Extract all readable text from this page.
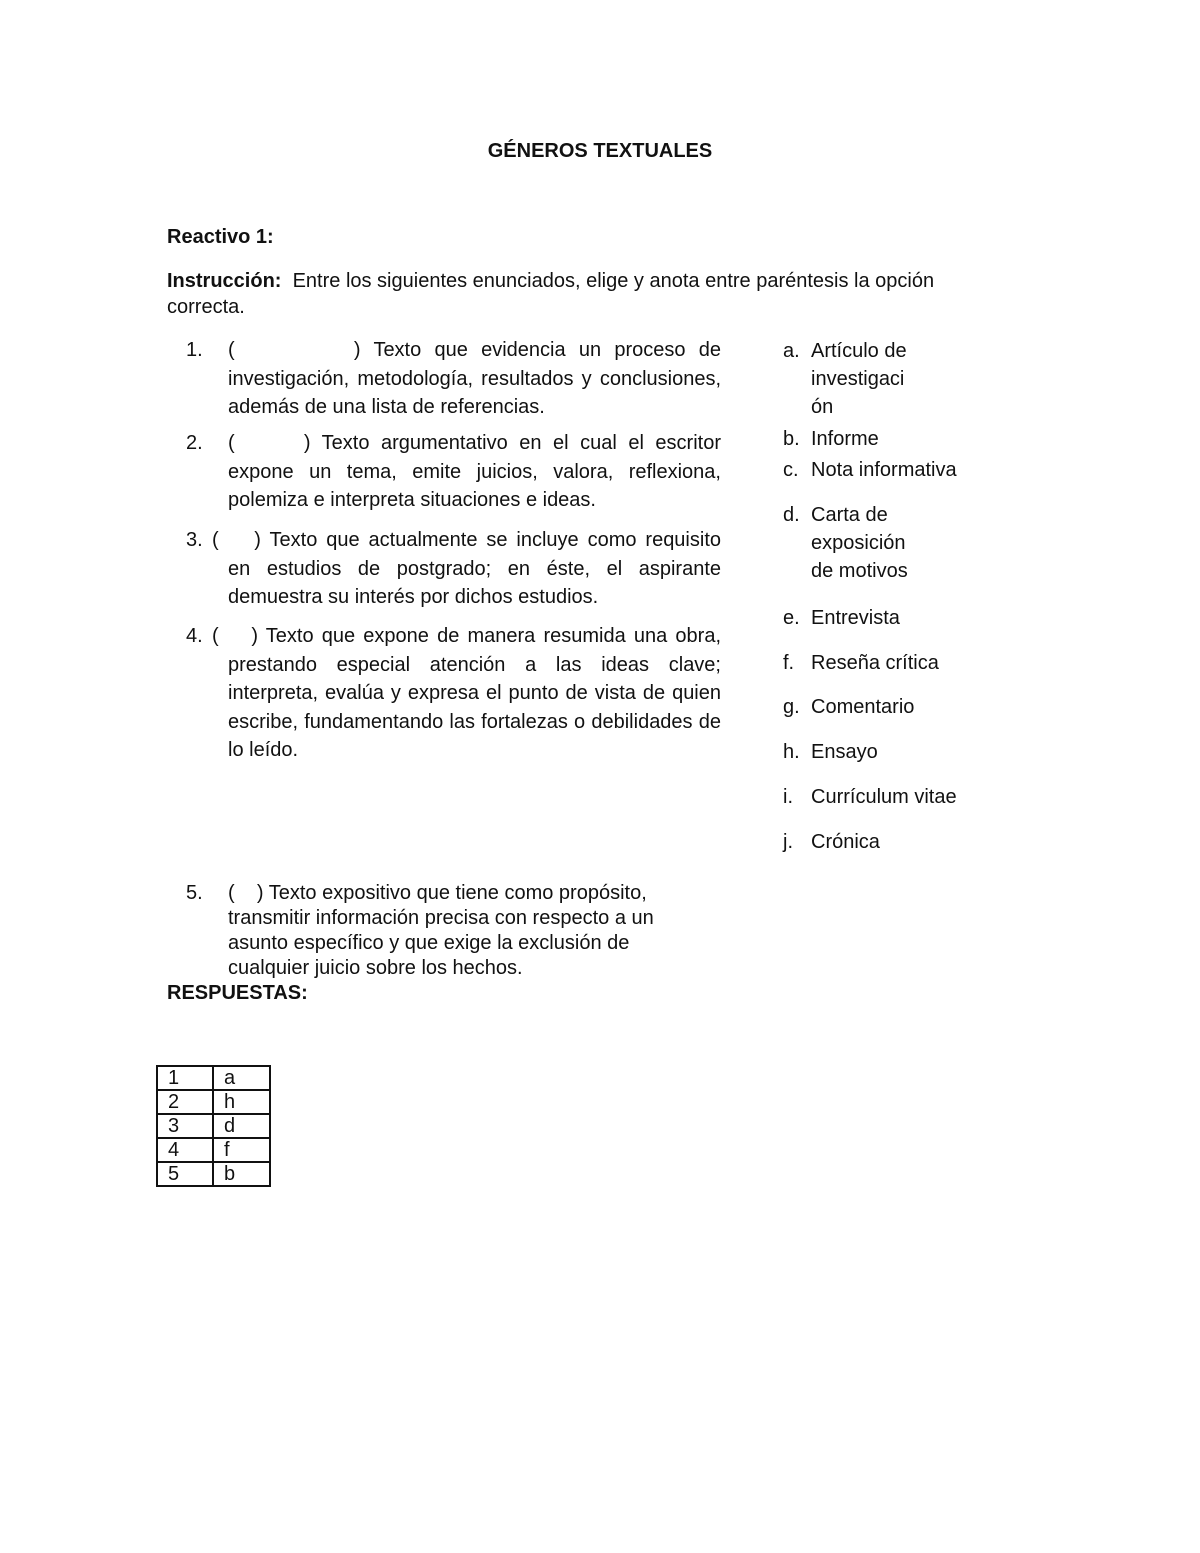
GÉNEROS TEXTUALES
Reactivo 1:
Instrucción: Entre los siguientes enunciados, elige y anota entre paréntesis la opción correcta.
1. (         ) Texto que evidencia un proceso de
investigación, metodología, resultados y conclusiones, además de una lista de referencias.
2. (      ) Texto argumentativo en el cual el escritor
expone un tema, emite juicios, valora, reflexiona, polemiza e interpreta situaciones e ideas.
3. (    ) Texto que actualmente se incluye como requisito
en estudios de postgrado; en éste, el aspirante demuestra su interés por dichos estudios.
4. (    ) Texto que expone de manera resumida una obra,
prestando especial atención a las ideas clave; interpreta, evalúa y expresa el punto de vista de quien escribe, fundamentando las fortalezas o debilidades de lo leído.
5. (    ) Texto expositivo que tiene como propósito,
transmitir información precisa con respecto a un asunto específico y que exige la exclusión de cualquier juicio sobre los hechos.
a. Artículo de investigaci ón
b. Informe
c. Nota informativa
d. Carta de exposición de motivos
e. Entrevista
f. Reseña crítica
g. Comentario
h. Ensayo
i. Currículum vitae
j. Crónica
RESPUESTAS:
1	a
2	h
3	d
4	f
5	b
